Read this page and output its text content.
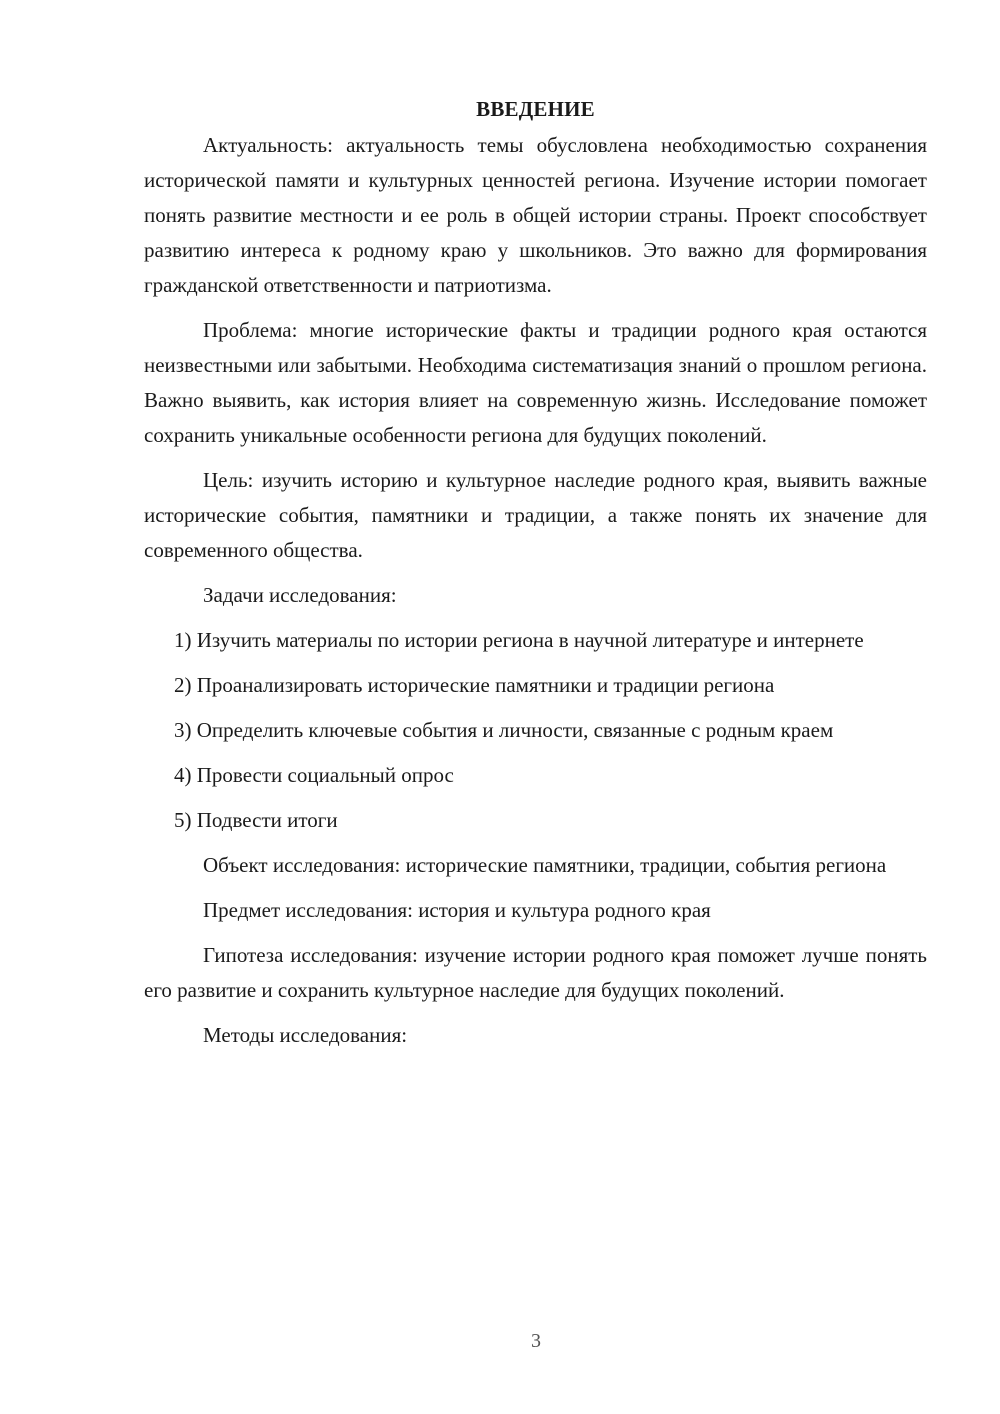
ВВЕДЕНИЕ

Актуальность: актуальность темы обусловлена необходимостью сохранения исторической памяти и культурных ценностей региона. Изучение истории помогает понять развитие местности и ее роль в общей истории страны. Проект способствует развитию интереса к родному краю у школьников. Это важно для формирования гражданской ответственности и патриотизма.

Проблема: многие исторические факты и традиции родного края остаются неизвестными или забытыми. Необходима систематизация знаний о прошлом региона. Важно выявить, как история влияет на современную жизнь. Исследование поможет сохранить уникальные особенности региона для будущих поколений.

Цель: изучить историю и культурное наследие родного края, выявить важные исторические события, памятники и традиции, а также понять их значение для современного общества.

Задачи исследования:

1) Изучить материалы по истории региона в научной литературе и интернете

2) Проанализировать исторические памятники и традиции региона

3) Определить ключевые события и личности, связанные с родным краем

4) Провести социальный опрос

5) Подвести итоги

Объект исследования: исторические памятники, традиции, события региона

Предмет исследования: история и культура родного края

Гипотеза исследования: изучение истории родного края поможет лучше понять его развитие и сохранить культурное наследие для будущих поколений.

Методы исследования:

3
